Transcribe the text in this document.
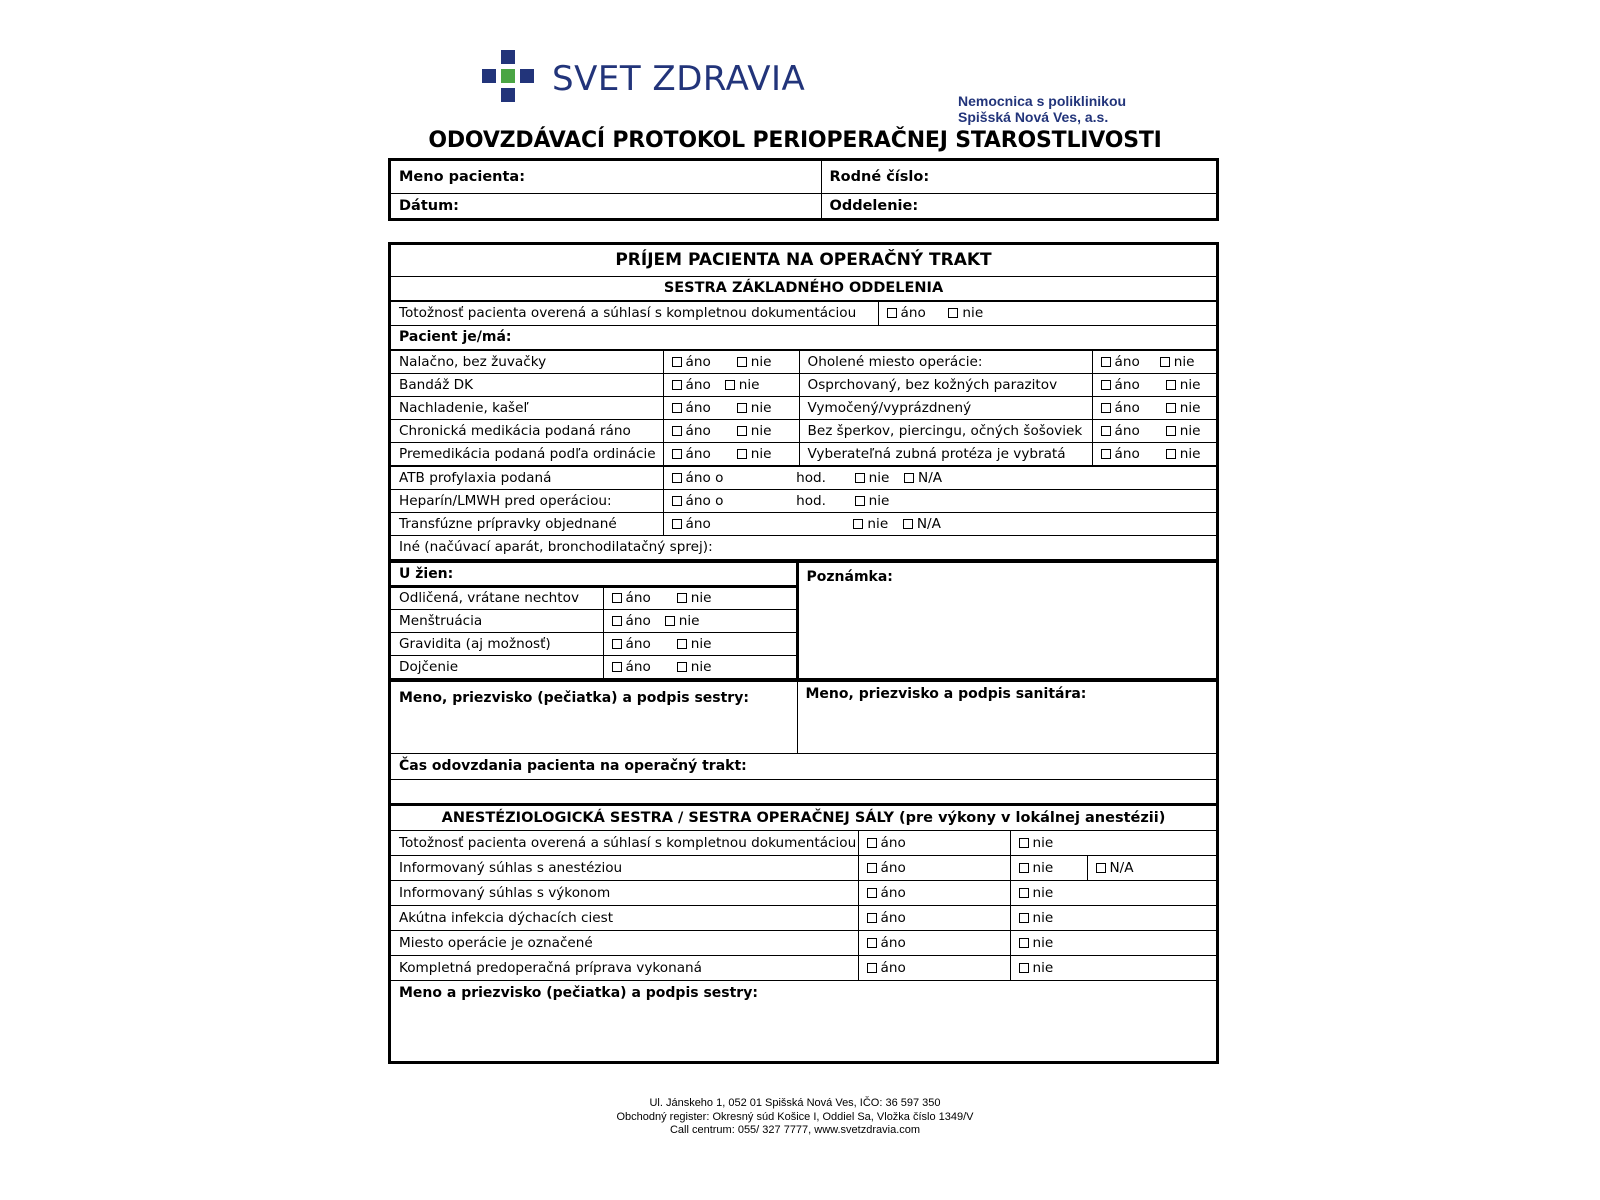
SVET ZDRAVIA
Nemocnica s poliklinikou
Spišská Nová Ves, a.s.
ODOVZDÁVACÍ PROTOKOL PERIOPERAČNEJ STAROSTLIVOSTI
Meno pacienta:	Rodné číslo:
Dátum:	Oddelenie:
PRÍJEM PACIENTA NA OPERAČNÝ TRAKT
SESTRA ZÁKLADNÉHO ODDELENIA
Totožnosť pacienta overená a súhlasí s kompletnou dokumentáciou	áno	nie
Pacient je/má:
Nalačno, bez žuvačky	áno nie	Oholené miesto operácie:	áno nie
Bandáž DK	áno nie	Osprchovaný, bez kožných parazitov	áno nie
Nachladenie, kašeľ	áno nie	Vymočený/vyprázdnený	áno nie
Chronická medikácia podaná ráno	áno nie	Bez šperkov, piercingu, očných šošoviek	áno nie
Premedikácia podaná podľa ordinácie	áno nie	Vyberateľná zubná protéza je vybratá	áno nie
ATB profylaxia podaná	áno o hod. nie N/A
Heparín/LMWH pred operáciou:	áno o hod. nie
Transfúzne prípravky objednané	áno nie N/A
Iné (načúvací aparát, bronchodilatačný sprej):	
U žien:		Poznámka:
Odličená, vrátane nechtov	áno nie	
Menštruácia	áno nie	
Gravidita (aj možnosť)	áno nie	
Dojčenie	áno nie	
Meno, priezvisko (pečiatka) a podpis sestry:	Meno, priezvisko a podpis sanitára:
Čas odovzdania pacienta na operačný trakt:

ANESTÉZIOLOGICKÁ SESTRA / SESTRA OPERAČNEJ SÁLY (pre výkony v lokálnej anestézii)			
Totožnosť pacienta overená a súhlasí s kompletnou dokumentáciou	áno	nie	
Informovaný súhlas s anestéziou	áno	nie	N/A
Informovaný súhlas s výkonom	áno	nie	
Akútna infekcia dýchacích ciest	áno	nie	
Miesto operácie je označené	áno	nie	
Kompletná predoperačná príprava vykonaná	áno	nie	
Meno a priezvisko (pečiatka) a podpis sestry:			
Ul. Jánskeho 1, 052 01 Spišská Nová Ves, IČO: 36 597 350
Obchodný register: Okresný súd Košice I, Oddiel Sa, Vložka číslo 1349/V
Call centrum: 055/ 327 7777, www.svetzdravia.com
